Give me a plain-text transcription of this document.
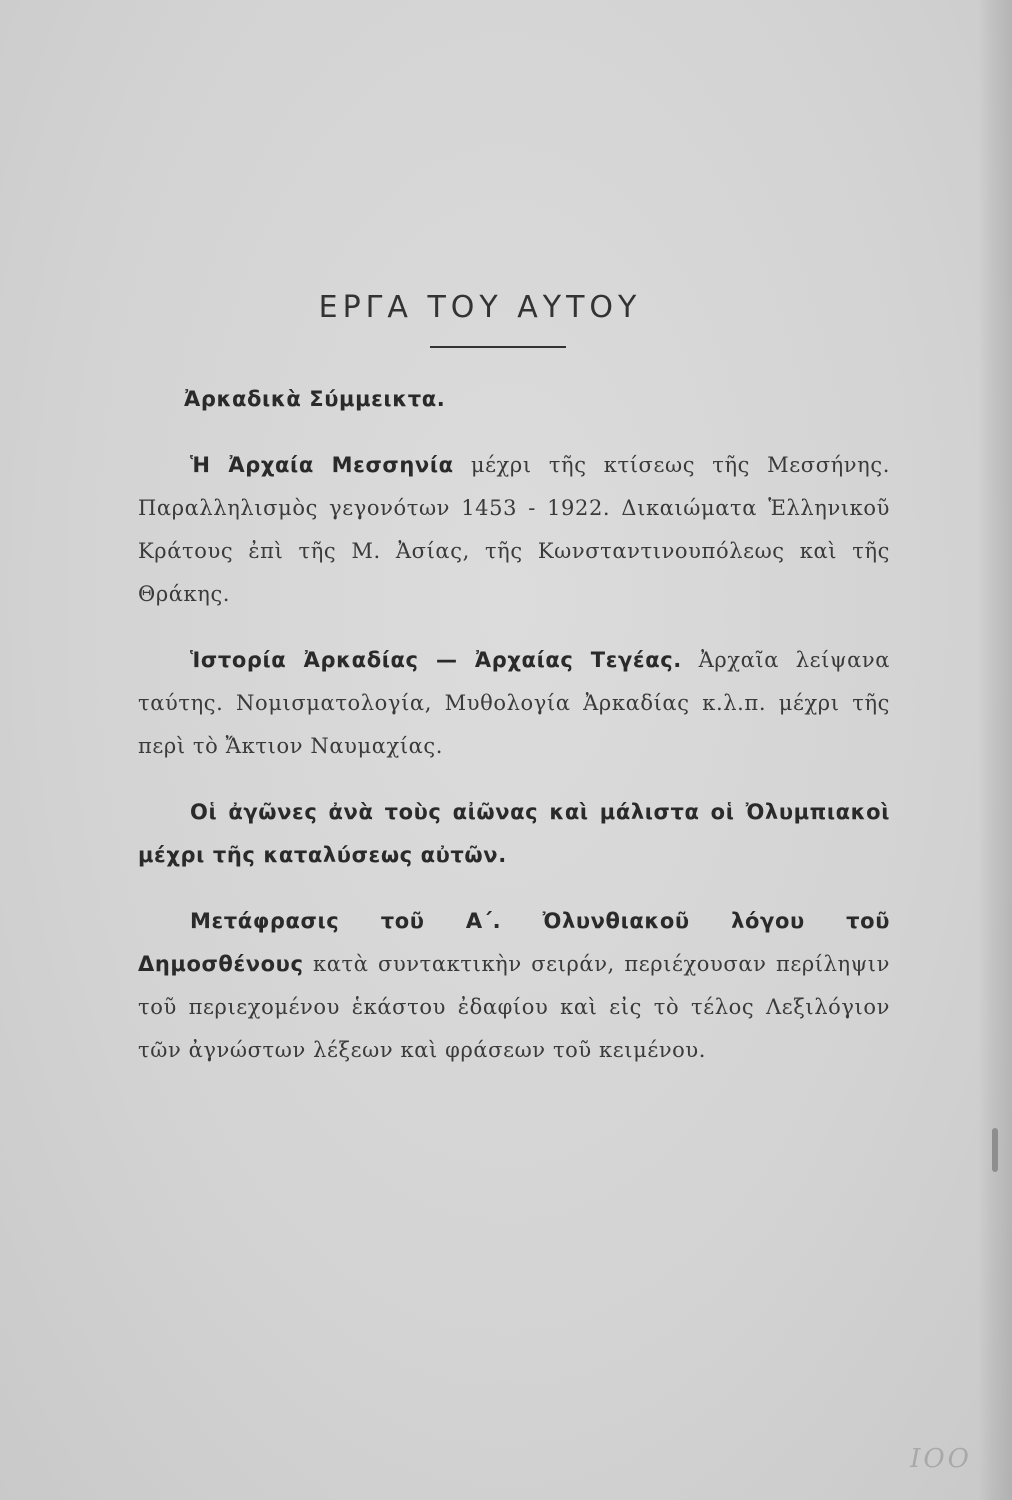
ΕΡΓΑ ΤΟΥ ΑΥΤΟΥ

Ἀρκαδικὰ Σύμμεικτα.

Ἡ Ἀρχαία Μεσσηνία μέχρι τῆς κτίσεως τῆς Μεσσήνης. Παραλληλισμὸς γεγονότων 1453 - 1922. Δικαιώματα Ἑλληνικοῦ Κράτους ἐπὶ τῆς Μ. Ἀσίας, τῆς Κωνσταντινουπόλεως καὶ τῆς Θράκης.

Ἱστορία Ἀρκαδίας — Ἀρχαίας Τεγέας. Ἀρχαῖα λείψανα ταύτης. Νομισματολογία, Μυθολογία Ἀρκαδίας κ.λ.π. μέχρι τῆς περὶ τὸ Ἄκτιον Ναυμαχίας.

Οἱ ἀγῶνες ἀνὰ τοὺς αἰῶνας καὶ μάλιστα οἱ Ὀλυμπιακοὶ μέχρι τῆς καταλύσεως αὐτῶν.

Μετάφρασις τοῦ Α΄. Ὀλυνθιακοῦ λόγου τοῦ Δημοσθένους κατὰ συντακτικὴν σειράν, περιέχουσαν περίληψιν τοῦ περιεχομένου ἑκάστου ἐδαφίου καὶ εἰς τὸ τέλος Λεξιλόγιον τῶν ἀγνώστων λέξεων καὶ φράσεων τοῦ κειμένου.

ΙΟΟ
